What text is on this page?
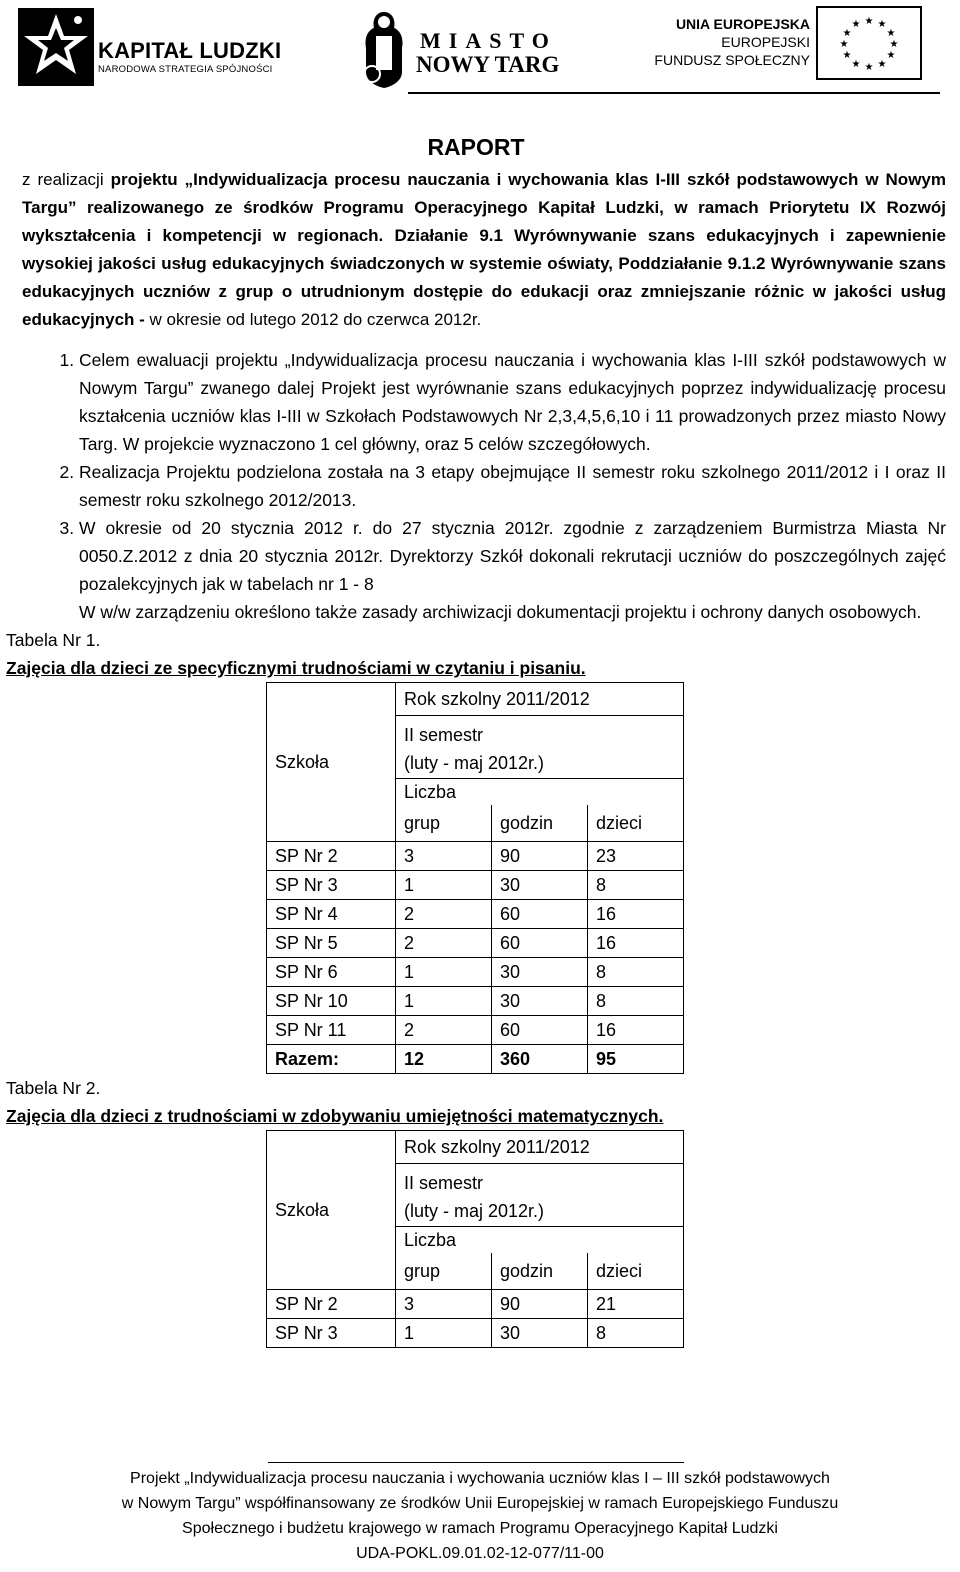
KAPITAŁ LUDZKI
NARODOWA STRATEGIA SPÓJNOŚCI
MIASTO
NOWY TARG
UNIA EUROPEJSKA
EUROPEJSKI
FUNDUSZ SPOŁECZNY
★ ★
★
★
★
★
★
★
★
★
★
★
RAPORT

z realizacji projektu „Indywidualizacja procesu nauczania i wychowania klas I-III szkół podstawowych w Nowym Targu” realizowanego ze środków Programu Operacyjnego Kapitał Ludzki, w ramach Priorytetu IX Rozwój wykształcenia i kompetencji w regionach. Działanie 9.1 Wyrównywanie szans edukacyjnych i zapewnienie wysokiej jakości usług edukacyjnych świadczonych w systemie oświaty, Poddziałanie 9.1.2 Wyrównywanie szans edukacyjnych uczniów z grup o utrudnionym dostępie do edukacji oraz zmniejszanie różnic w jakości usług edukacyjnych - w okresie od lutego 2012 do czerwca 2012r.

1. Celem ewaluacji projektu „Indywidualizacja procesu nauczania i wychowania klas I-III szkół podstawowych w Nowym Targu” zwanego dalej Projekt jest wyrównanie szans edukacyjnych poprzez indywidualizację procesu kształcenia uczniów klas I-III w Szkołach Podstawowych Nr 2,3,4,5,6,10 i 11 prowadzonych przez miasto Nowy Targ. W projekcie wyznaczono 1 cel główny, oraz 5 celów szczegółowych.
2. Realizacja Projektu podzielona została na 3 etapy obejmujące II semestr roku szkolnego 2011/2012 i I oraz II semestr roku szkolnego 2012/2013.
3. W okresie od 20 stycznia 2012 r. do 27 stycznia 2012r. zgodnie z zarządzeniem Burmistrza Miasta Nr 0050.Z.2012 z dnia 20 stycznia 2012r. Dyrektorzy Szkół dokonali rekrutacji uczniów do poszczególnych zajęć pozalekcyjnych jak w tabelach nr 1 - 8
W w/w zarządzeniu określono także zasady archiwizacji dokumentacji projektu i ochrony danych osobowych.

Tabela Nr 1.

Zajęcia dla dzieci ze specyficznymi trudnościami w czytaniu i pisaniu.

Szkoła	Rok szkolny 2011/2012		
	II semestr
(luty - maj 2012r.)		
	Liczba		
	grup	godzin	dzieci
SP Nr 2	3	90	23
SP Nr 3	1	30	8
SP Nr 4	2	60	16
SP Nr 5	2	60	16
SP Nr 6	1	30	8
SP Nr 10	1	30	8
SP Nr 11	2	60	16
Razem:	12	360	95

Tabela Nr 2.

Zajęcia dla dzieci z trudnościami w zdobywaniu umiejętności matematycznych.

Szkoła	Rok szkolny 2011/2012		
	II semestr
(luty - maj 2012r.)		
	Liczba		
	grup	godzin	dzieci
SP Nr 2	3	90	21
SP Nr 3	1	30	8
Projekt „Indywidualizacja procesu nauczania i wychowania uczniów klas I – III szkół podstawowych
w Nowym Targu” współfinansowany ze środków Unii Europejskiej w ramach Europejskiego Funduszu
Społecznego i budżetu krajowego w ramach Programu Operacyjnego Kapitał Ludzki
UDA-POKL.09.01.02-12-077/11-00
